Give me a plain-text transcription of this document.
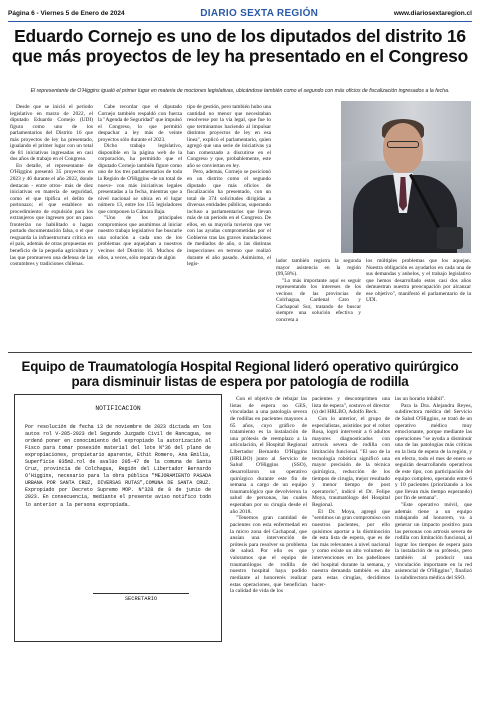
Página 6 - Viernes 5 de Enero de 2024	DIARIO SEXTA REGIÓN	www.diariosextaregion.cl
Eduardo Cornejo es uno de los diputados del distrito 16 que más proyectos de ley ha presentado en el Congreso
El representante de O'Higgins igualó el primer lugar en materia de mociones legislativas, ubicándose también como el segundo con más oficios de fiscalización ingresados a la fecha.

Desde que se inició el periodo legislativo en marzo de 2022, el diputado Eduardo Cornejo (UDI) figura como uno de los parlamentarios del Distrito 16 que más proyectos de ley ha presentado, igualando el primer lugar con un total de 81 iniciativas ingresadas en casi dos años de trabajo en el Congreso.

En detalle, el representante de O'Higgins presentó 35 proyectos en 2023 y 46 durante el año 2022, donde destacan - entre otros- más de diez iniciativas en materia de seguridad, como el que tipifica el delito de portonazo; el que establece un procedimiento de expulsión para los extranjeros que ingresen por un paso fronterizo no habilitado o hagan portado documentación falsa, o el que resguarda la infraestructura crítica en el país, además de otras propuestas en beneficio de la pequeña agricultura y las que promueven una defensa de las costumbres y tradiciones chilenas.

Cabe recordar que el diputado Cornejo también respaldó con fuerza la "Agenda de Seguridad" que impulsó el Congreso, lo que permitió despachar a ley más de veinte proyectos sólo durante el 2023.

Dicho trabajo legislativo, disponible en la página web de la corporación, ha permitido que el diputado Cornejo también figure como uno de los tres parlamentarios de toda la Región de O'Higgins -de un total de nueve- con más iniciativas legales presentadas a la fecha, mientras que a nivel nacional se ubica en el lugar número 13, entre los 155 legisladores que componen la Cámara Baja.

"Uno de los principales compromisos que asumimos al iniciar nuestro trabajo legislativo fue buscarle una solución a cada uno de los problemas que aquejaban a nuestros vecinos del Distrito 16. Muchos de ellos, a veces, sólo reparan de algún

tipo de gestión, pero también hubo una cantidad no menor que necesitaban resolverse por la vía legal, que fue lo que terminamos haciendo al impulsar distintos proyectos de ley en esa línea", explicó el parlamentario, quien agregó que una serie de iniciativas ya han comenzado a discutirse en el Congreso y que, probablemente, este año se conviertan en ley.

Pero, además, Cornejo se posicionó en un distrito como el segundo diputado que más oficios de fiscalización ha presentado, con un total de 374 solicitudes dirigidas a diversas entidades públicas, superando incluso a parlamentarios que llevan más de un periodo en el Congreso. De ellos, en su mayoría tuvieron que ver con las ayudas comprometidas por el Gobierno tras las graves inundaciones de mediados de año, o las distintas inspecciones en terreno que realizó durante el año pasado. Asimismo, el legis-

lador también registra la segunda mayor asistencia en la región (99,58%).

"Lo más importante aquí es seguir representando los intereses de los vecinos de las provincias de Colchagua, Cardenal Caro y Cachapoal Sur, tratando de buscar siempre una solución efectiva y concreta a

los múltiples problemas que los aquejan. Nuestra obligación es ayudarlos en cada una de sus demandas y anhelos, y el trabajo legislativo que hemos desarrollado estos casi dos años demuestran nuestra preocupación por alcanzar ese objetivo", manifestó el parlamentario de la UDI.

Equipo de Traumatología Hospital Regional lideró operativo quirúrgico para disminuir listas de espera por patología de rodilla
NOTIFICACION
Por resolución de fecha 13 de noviembre de 2023 dictada en los autos rol V-205-2023 del Segundo Juzgado Civil de Rancagua, se ordenó poner en conocimiento del expropiado la autorización al Fisco para tomar posesión material del lote N°36 del plano de expropiaciones, propietario aparente, Ethit Romero, Ana Emilia, Superficie 835m2.rol de avalúo 205-47 de la comuna de Santa Cruz, provincia de Colchagua, Región del Libertador Bernardo O'Higgins, necesario para la obra pública "MEJORAMIENTO PASADA URBANA POR SANTA CRUZ, DIVERSAS RUTAS",COMUNA DE SANTA CRUZ. Expropiado por Decreto Supremo MOP. N°328 de 8 de junio de 2023. En consecuencia, mediante el presente aviso notifico todo lo anterior a la persona expropiada.
SECRETARIO

Con el objetivo de rebajar las listas de espera no GES, vinculadas a una patología severa de rodillas en pacientes mayores a 65 años, cuyo gráfico de tratamiento es la instalación de una prótesis de reemplazo a la articulación, el Hospital Regional Libertador Bernardo O'Higgins (HRLBO) junto al Servicio de Salud O'Higgins (SSO), desarrollaron un operativo quirúrgico durante este fin de semana a cargo de un equipo traumatológico que devolvieron la salud de personas, las cuales esperaban por su cirugía desde el año 2018.

"Tenemos gran cantidad de pacientes con esta enfermedad en la micro zona del Cachapoal, que ansían una intervención de prótesis para resolver su problema de salud. Por ello es que valoramos que el equipo de traumatólogos de rodilla de nuestro hospital haya podido mediante al honorerés realizar estas operaciones, que benefician la calidad de vida de los

pacientes y descomprimen una lista de espera", sostuvo el director (s) del HRLBO, Adolfo Beck.

Con lo anterior, el grupo de especialistas, asistidos por el robot Rosa, logró intervenir a 6 adultos mayores diagnosticados con artrosis severa de rodilla con limitación funcional. "El uso de la tecnología robótica significó una mayor precisión de la técnica quirúrgica, reducción de los tiempos de cirugía, mejor resultado y menor tiempo de post operatorio", indicó el Dr. Felipe Moya, traumatólogo del Hospital Regional.

El Dr. Moya, agregó que "sentimos un gran compromiso con nuestros pacientes, por ello quisimos aportar a la disminución de esta lista de espera, que es de las más relevantes a nivel nacional y como existe un alto volumen de intervenciones en los pabellones del hospital durante la semana, y nuestra demanda también es alta para estas cirugías, decidimos hacer-

las un horario inhábil".

Para la Dra. Alejandra Reyes, subdirectora médica del Servicio de Salud O'Higgins, se trató de un operativo médico muy emocionante, porque mediante las operaciones "se ayuda a disminuir una de las patologías más críticas en la lista de espera de la región, y en efecto, todo el mes de enero se seguirán desarrollando operativos de este tipo, con participación del equipo completo, operando entre 6 y 10 pacientes (priorizando a los que llevan más tiempo esperando) por fin de semana".

"Este operativo móvil, que además tiene a un equipo trabajando ad honorem, va a generar un impacto positivo para las personas con artrosis severa de rodilla con limitación funcional, al lograr los tiempos de espera para la instalación de su prótesis, pero también al producir una vinculación importante en la red asistencial de O'Higgins", finalizó la subdirectora médica del SSO.
